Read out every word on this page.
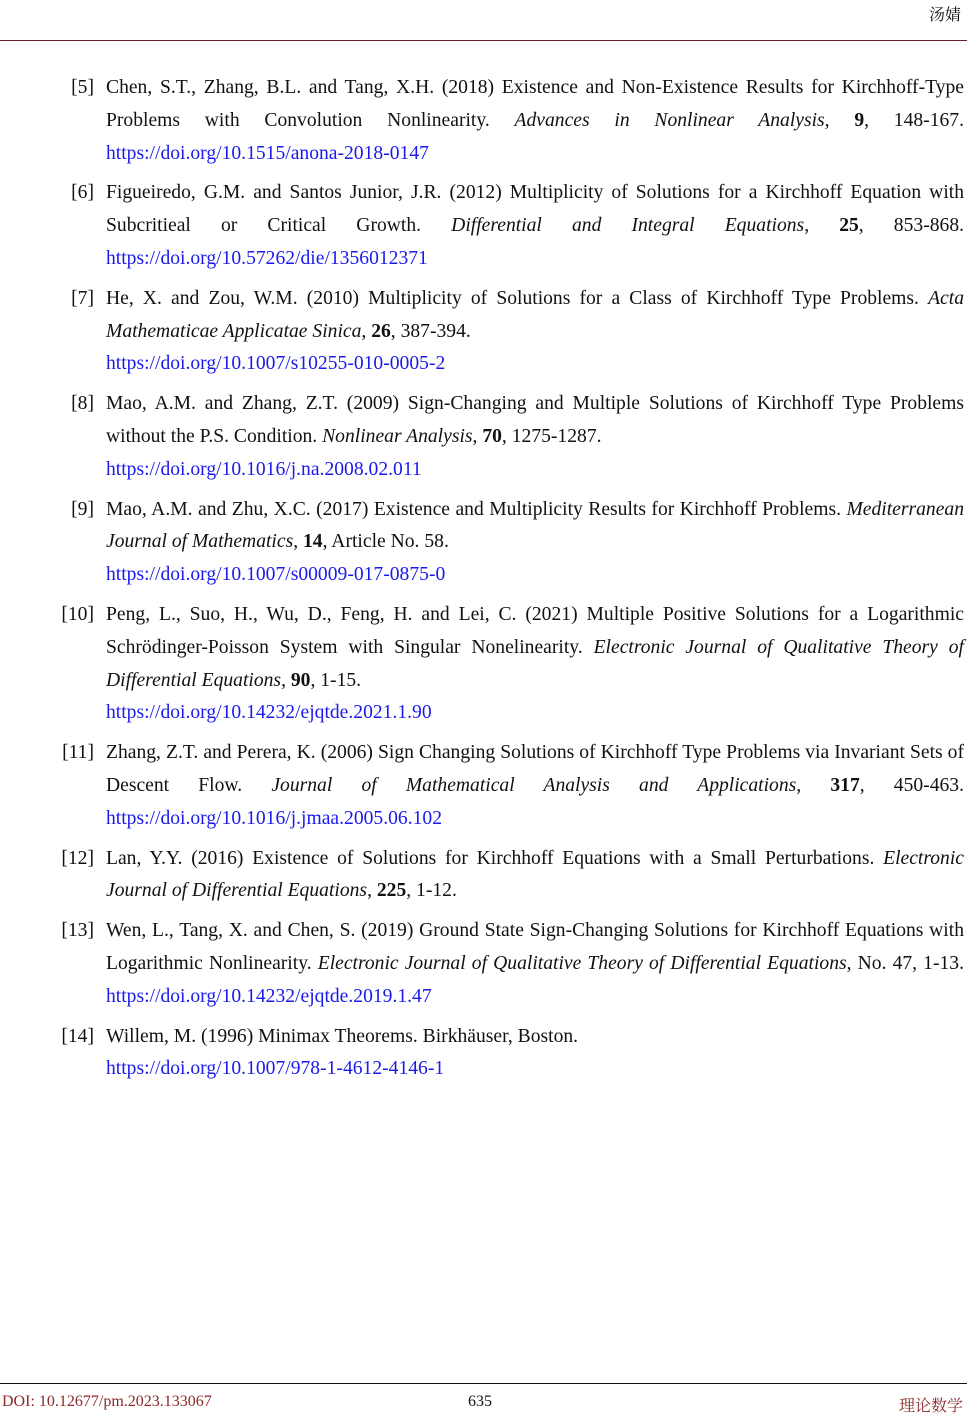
汤婧
[5] Chen, S.T., Zhang, B.L. and Tang, X.H. (2018) Existence and Non-Existence Results for Kirchhoff-Type Problems with Convolution Nonlinearity. Advances in Nonlinear Analysis, 9, 148-167. https://doi.org/10.1515/anona-2018-0147
[6] Figueiredo, G.M. and Santos Junior, J.R. (2012) Multiplicity of Solutions for a Kirchhoff Equation with Subcritieal or Critical Growth. Differential and Integral Equations, 25, 853-868. https://doi.org/10.57262/die/1356012371
[7] He, X. and Zou, W.M. (2010) Multiplicity of Solutions for a Class of Kirchhoff Type Problems. Acta Mathematicae Applicatae Sinica, 26, 387-394.
https://doi.org/10.1007/s10255-010-0005-2
[8] Mao, A.M. and Zhang, Z.T. (2009) Sign-Changing and Multiple Solutions of Kirchhoff Type Problems without the P.S. Condition. Nonlinear Analysis, 70, 1275-1287.
https://doi.org/10.1016/j.na.2008.02.011
[9] Mao, A.M. and Zhu, X.C. (2017) Existence and Multiplicity Results for Kirchhoff Problems. Mediterranean Journal of Mathematics, 14, Article No. 58.
https://doi.org/10.1007/s00009-017-0875-0
[10] Peng, L., Suo, H., Wu, D., Feng, H. and Lei, C. (2021) Multiple Positive Solutions for a Logarithmic Schrödinger-Poisson System with Singular Nonelinearity. Electronic Journal of Qualitative Theory of Differential Equations, 90, 1-15.
https://doi.org/10.14232/ejqtde.2021.1.90
[11] Zhang, Z.T. and Perera, K. (2006) Sign Changing Solutions of Kirchhoff Type Problems via Invariant Sets of Descent Flow. Journal of Mathematical Analysis and Applications, 317, 450-463. https://doi.org/10.1016/j.jmaa.2005.06.102
[12] Lan, Y.Y. (2016) Existence of Solutions for Kirchhoff Equations with a Small Perturbations. Electronic Journal of Differential Equations, 225, 1-12.
[13] Wen, L., Tang, X. and Chen, S. (2019) Ground State Sign-Changing Solutions for Kirchhoff Equations with Logarithmic Nonlinearity. Electronic Journal of Qualitative Theory of Differential Equations, No. 47, 1-13. https://doi.org/10.14232/ejqtde.2019.1.47
[14] Willem, M. (1996) Minimax Theorems. Birkhäuser, Boston.
https://doi.org/10.1007/978-1-4612-4146-1
DOI: 10.12677/pm.2023.133067	635	理论数学
